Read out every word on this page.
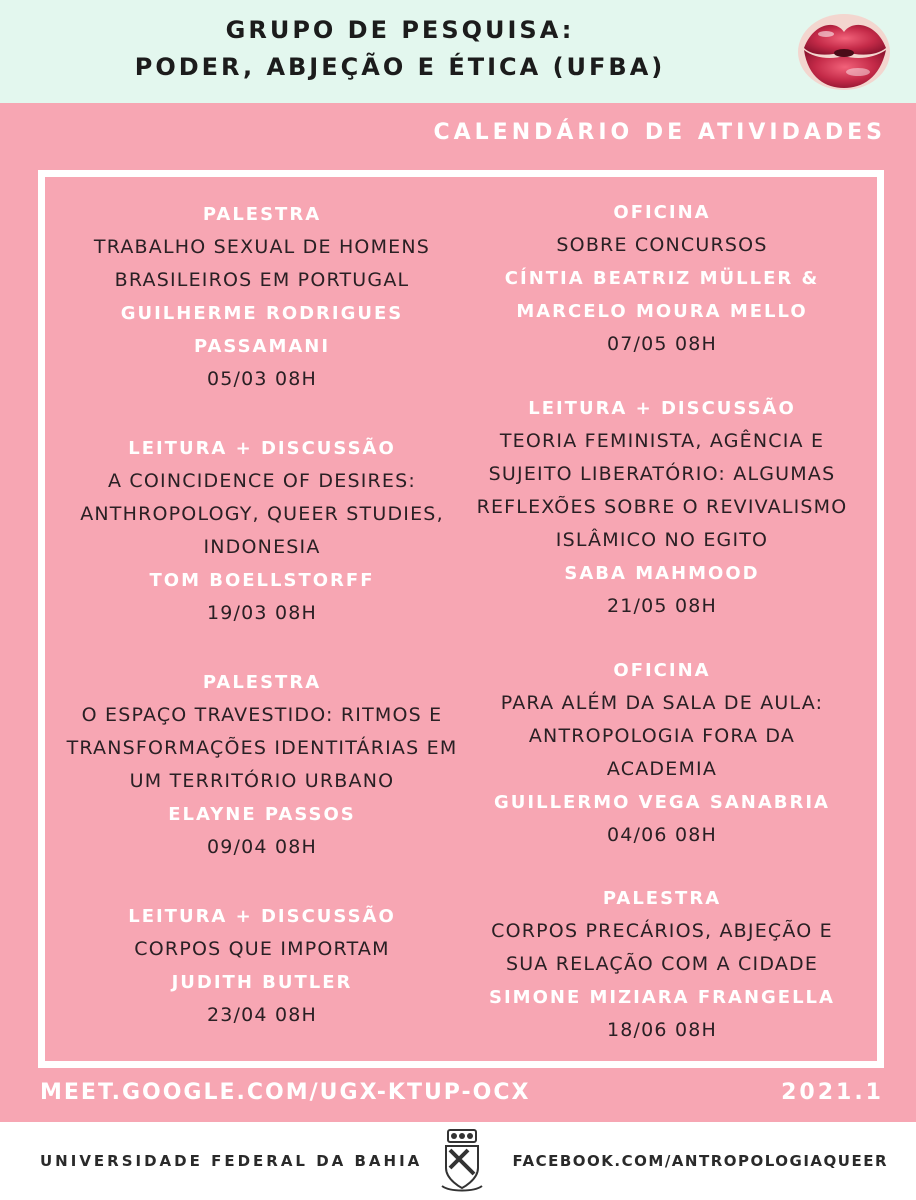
GRUPO DE PESQUISA:
PODER, ABJEÇÃO E ÉTICA (UFBA)
CALENDÁRIO DE ATIVIDADES
PALESTRA
TRABALHO SEXUAL DE HOMENS
BRASILEIROS EM PORTUGAL
GUILHERME RODRIGUES
PASSAMANI
05/03 08H
LEITURA + DISCUSSÃO
A COINCIDENCE OF DESIRES:
ANTHROPOLOGY, QUEER STUDIES,
INDONESIA
TOM BOELLSTORFF
19/03 08H
PALESTRA
O ESPAÇO TRAVESTIDO: RITMOS E
TRANSFORMAÇÕES IDENTITÁRIAS EM
UM TERRITÓRIO URBANO
ELAYNE PASSOS
09/04 08H
LEITURA + DISCUSSÃO
CORPOS QUE IMPORTAM
JUDITH BUTLER
23/04 08H
OFICINA
SOBRE CONCURSOS
CÍNTIA BEATRIZ MÜLLER &
MARCELO MOURA MELLO
07/05 08H
LEITURA + DISCUSSÃO
TEORIA FEMINISTA, AGÊNCIA E
SUJEITO LIBERATÓRIO: ALGUMAS
REFLEXÕES SOBRE O REVIVALISMO
ISLÂMICO NO EGITO
SABA MAHMOOD
21/05 08H
OFICINA
PARA ALÉM DA SALA DE AULA:
ANTROPOLOGIA FORA DA
ACADEMIA
GUILLERMO VEGA SANABRIA
04/06 08H
PALESTRA
CORPOS PRECÁRIOS, ABJEÇÃO E
SUA RELAÇÃO COM A CIDADE
SIMONE MIZIARA FRANGELLA
18/06 08H
MEET.GOOGLE.COM/UGX-KTUP-OCX	2021.1
UNIVERSIDADE FEDERAL DA BAHIA	FACEBOOK.COM/ANTROPOLOGIAQUEER
